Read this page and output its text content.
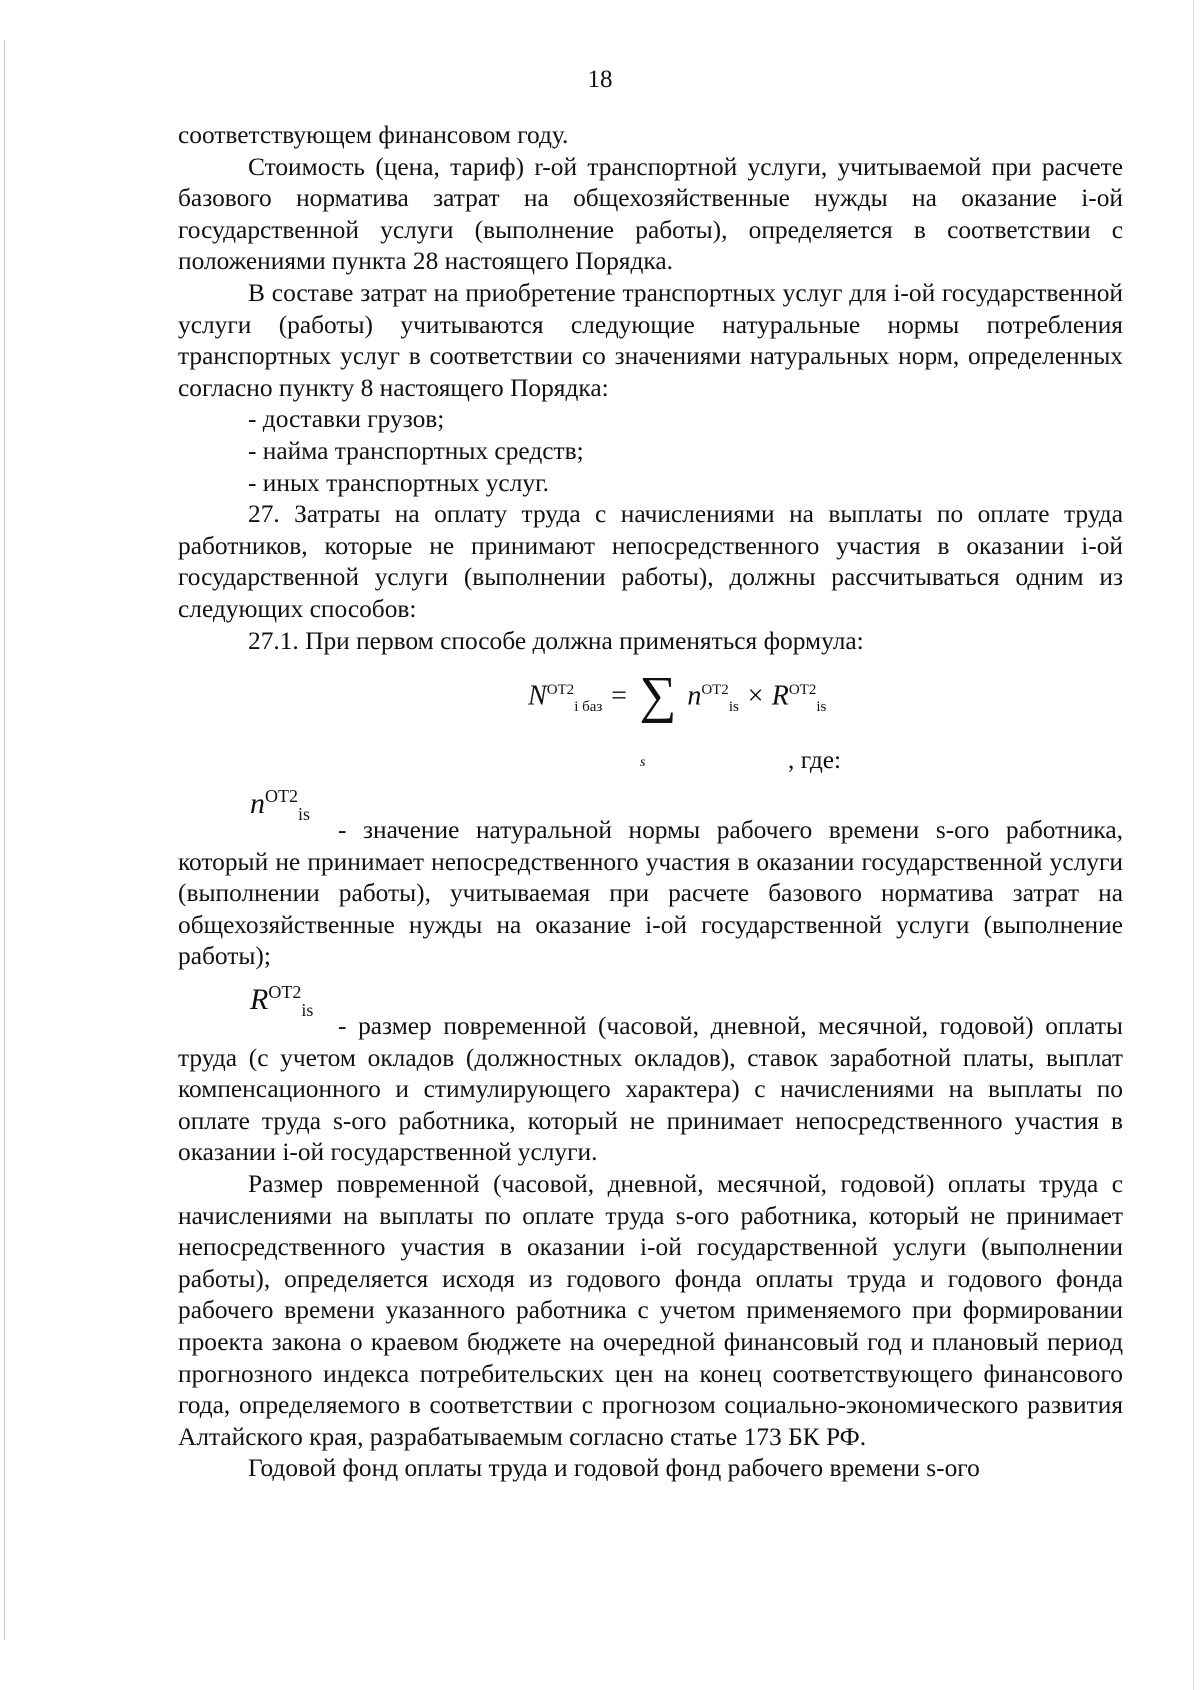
18

соответствующем финансовом году.

Стоимость (цена, тариф) r-ой транспортной услуги, учитываемой при расчете базового норматива затрат на общехозяйственные нужды на оказание i-ой государственной услуги (выполнение работы), определяется в соответствии с положениями пункта 28 настоящего Порядка.

В составе затрат на приобретение транспортных услуг для i-ой государственной услуги (работы) учитываются следующие натуральные нормы потребления транспортных услуг в соответствии со значениями натуральных норм, определенных согласно пункту 8 настоящего Порядка:

- доставки грузов;

- найма транспортных средств;

- иных транспортных услуг.

27. Затраты на оплату труда с начислениями на выплаты по оплате труда работников, которые не принимают непосредственного участия в оказании i-ой государственной услуги (выполнении работы), должны рассчитываться одним из следующих способов:

27.1. При первом способе должна применяться формула:

$N^{ОТ2}_{i баз}$ = ∑ $n^{ОТ2}_{is} \times R^{ОТ2}_{is}$
s	, где:
$n^{ОТ2}_{is}$

- значение натуральной нормы рабочего времени s-ого работника, который не принимает непосредственного участия в оказании государственной услуги (выполнении работы), учитываемая при расчете базового норматива затрат на общехозяйственные нужды на оказание i-ой государственной услуги (выполнение работы);

$R^{ОТ2}_{is}$

- размер повременной (часовой, дневной, месячной, годовой) оплаты труда (с учетом окладов (должностных окладов), ставок заработной платы, выплат компенсационного и стимулирующего характера) с начислениями на выплаты по оплате труда s-ого работника, который не принимает непосредственного участия в оказании i-ой государственной услуги.

Размер повременной (часовой, дневной, месячной, годовой) оплаты труда с начислениями на выплаты по оплате труда s-ого работника, который не принимает непосредственного участия в оказании i-ой государственной услуги (выполнении работы), определяется исходя из годового фонда оплаты труда и годового фонда рабочего времени указанного работника с учетом применяемого при формировании проекта закона о краевом бюджете на очередной финансовый год и плановый период прогнозного индекса потребительских цен на конец соответствующего финансового года, определяемого в соответствии с прогнозом социально-экономического развития Алтайского края, разрабатываемым согласно статье 173 БК РФ.

Годовой фонд оплаты труда и годовой фонд рабочего времени s-ого
